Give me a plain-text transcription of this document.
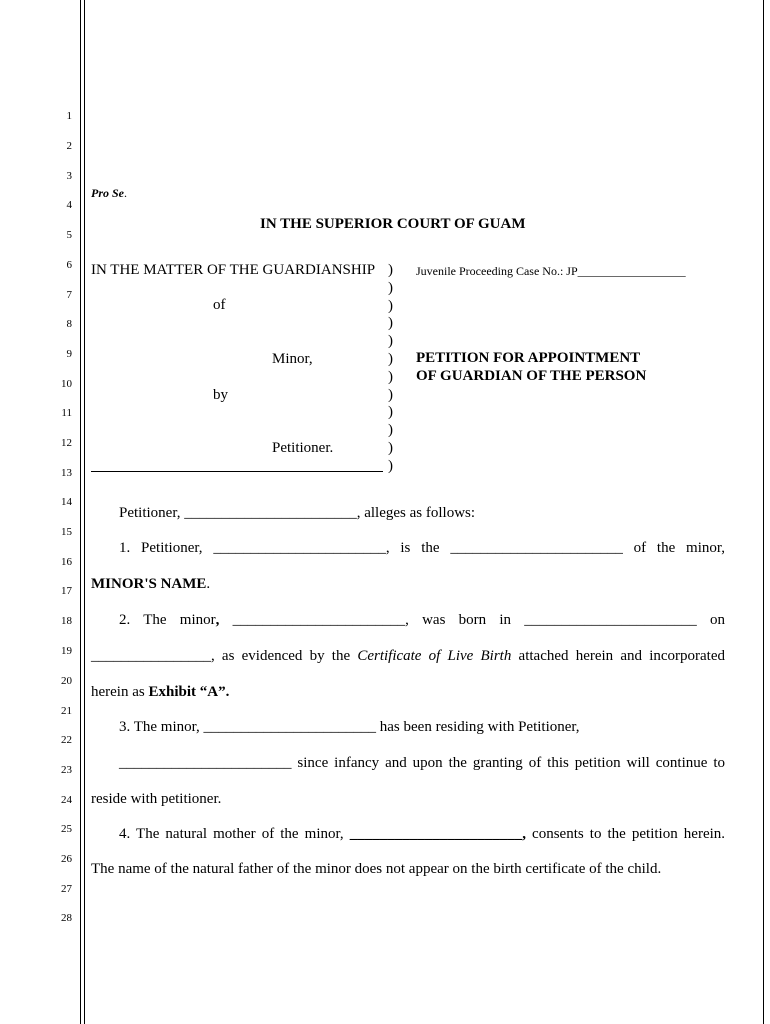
1
2
3
4
5
6
7
8
9
10
11
12
13
14
15
16
17
18
19
20
21
22
23
24
25
26
27
28
Pro Se.
IN THE SUPERIOR COURT OF GUAM
IN THE MATTER OF THE GUARDIANSHIP
of
Minor,
by
Petitioner.
)
)
)
)
)
)
)
)
)
)
)
)
Juvenile Proceeding Case No.: JP__________________
PETITION FOR APPOINTMENT
OF GUARDIAN OF THE PERSON
Petitioner, _______________________, alleges as follows:
1. Petitioner, _______________________, is the _______________________ of the minor,
MINOR'S NAME.
2. The minor, _______________________, was born in _______________________ on
________________, as evidenced by the Certificate of Live Birth attached herein and incorporated
herein as Exhibit “A”.
3. The minor, _______________________ has been residing with Petitioner,
_______________________ since infancy and upon the granting of this petition will continue to
reside with petitioner.
4. The natural mother of the minor, _______________________, consents to the petition herein.
The name of the natural father of the minor does not appear on the birth certificate of the child.
